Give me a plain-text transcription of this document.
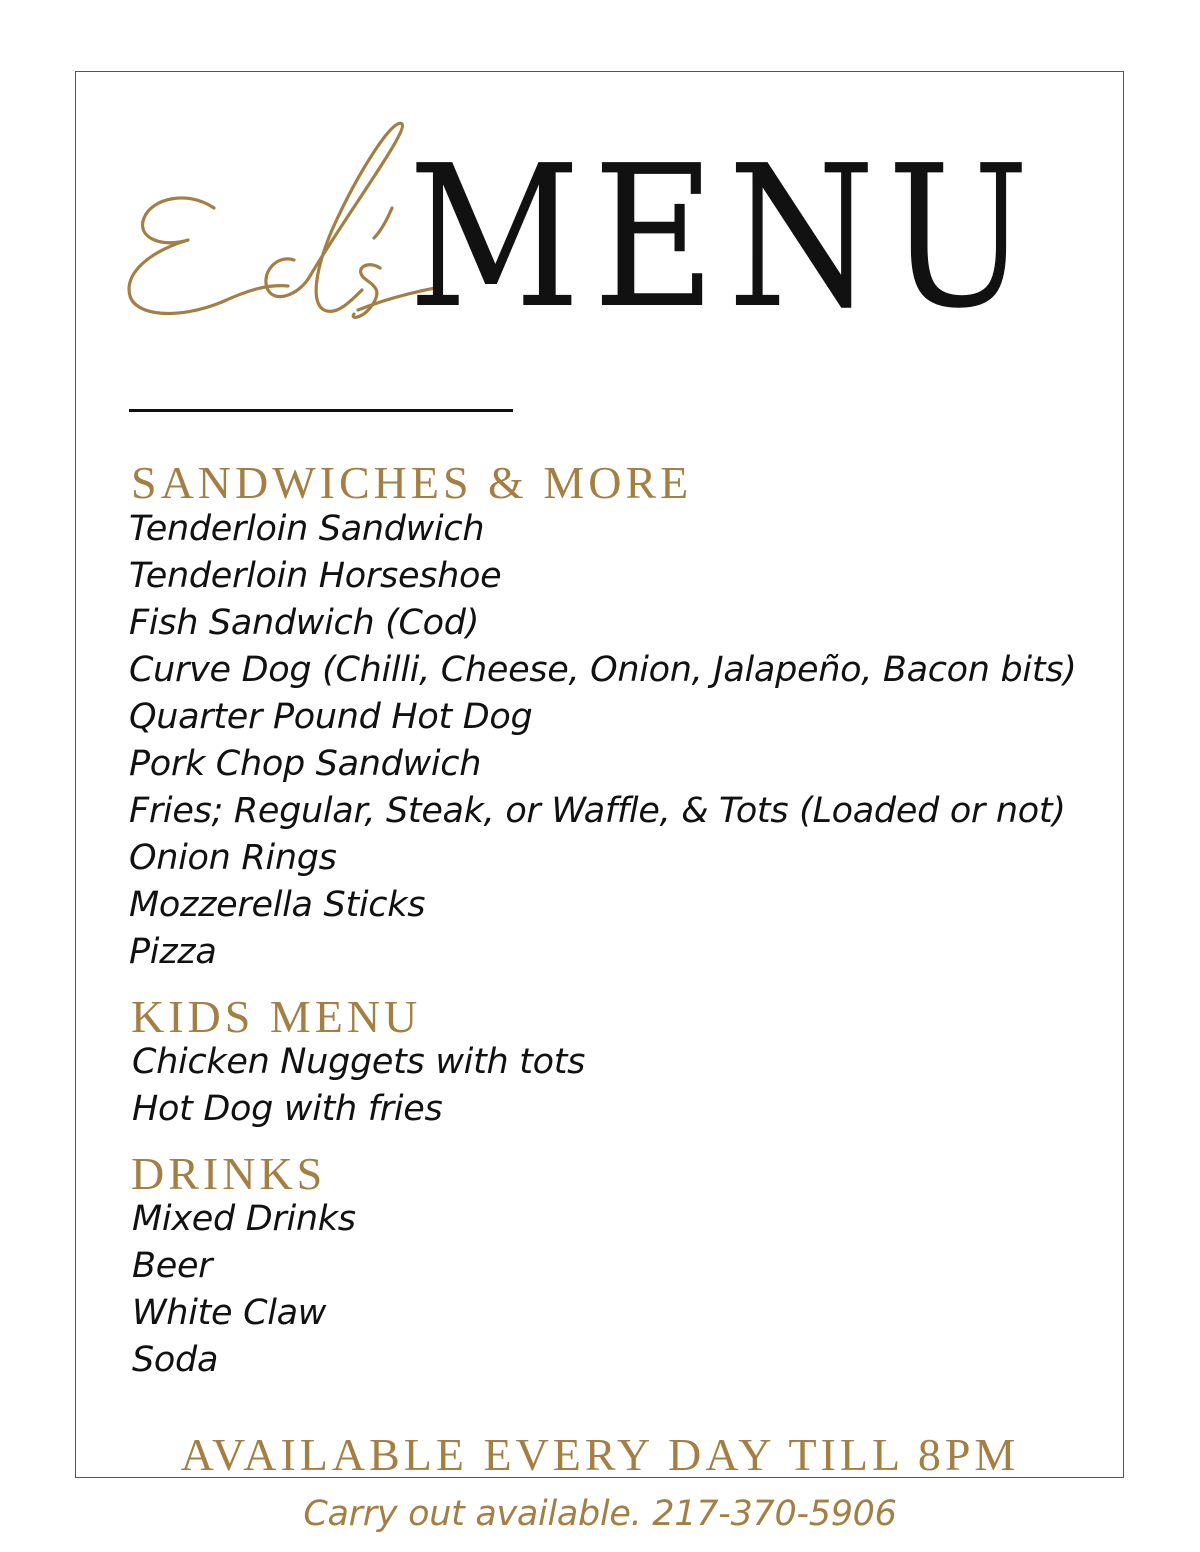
MENU
SANDWICHES & MORE
Tenderloin Sandwich
Tenderloin Horseshoe
Fish Sandwich (Cod)
Curve Dog (Chilli, Cheese, Onion, Jalapeño, Bacon bits)
Quarter Pound Hot Dog
Pork Chop Sandwich
Fries; Regular, Steak, or Waffle, & Tots (Loaded or not)
Onion Rings
Mozzerella Sticks
Pizza
KIDS MENU
Chicken Nuggets with tots
Hot Dog with fries
DRINKS
Mixed Drinks
Beer
White Claw
Soda
AVAILABLE EVERY DAY TILL 8PM
Carry out available. 217-370-5906
